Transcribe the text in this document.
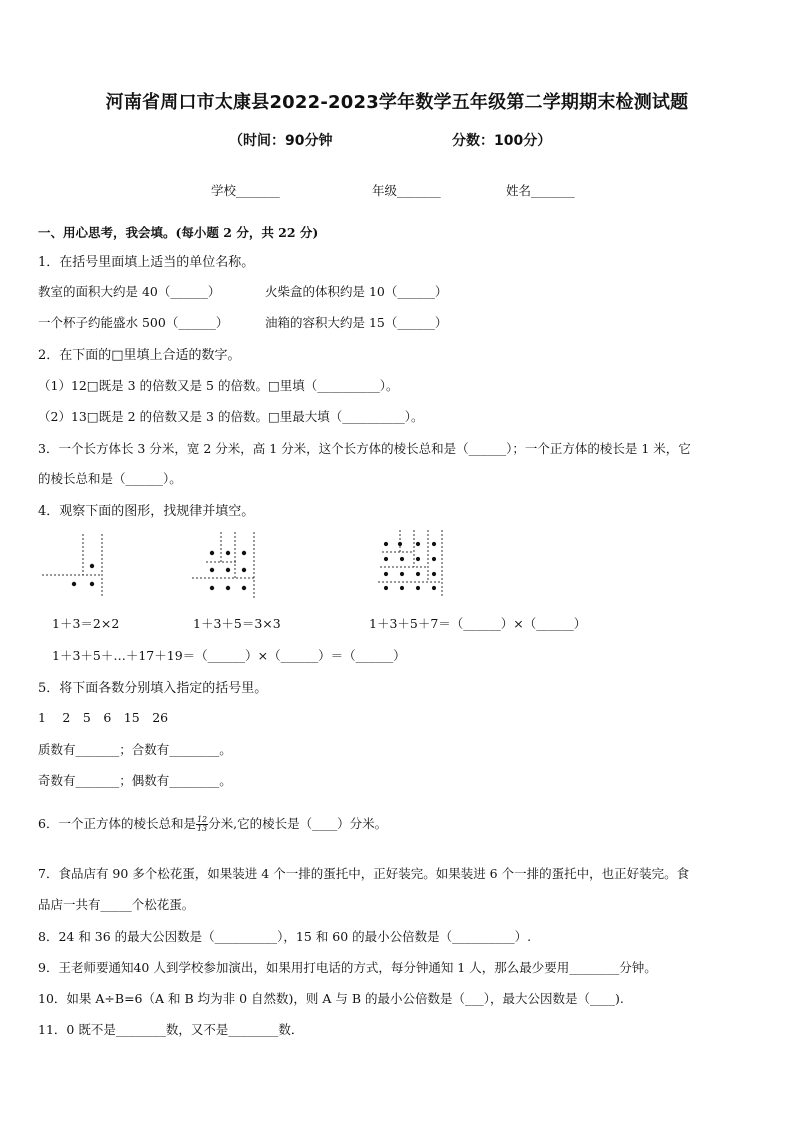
河南省周口市太康县2022-2023学年数学五年级第二学期期末检测试题
（时间：90分钟	分数：100分）
学校_______	年级_______	姓名_______
一、用心思考，我会填。(每小题 2 分，共 22 分)
1．在括号里面填上适当的单位名称。
教室的面积大约是 40（______）	火柴盒的体积约是 10（______）
一个杯子约能盛水 500（______）	油箱的容积大约是 15（______）
2．在下面的□里填上合适的数字。
（1）12□既是 3 的倍数又是 5 的倍数。□里填（__________）。
（2）13□既是 2 的倍数又是 3 的倍数。□里最大填（__________）。
3．一个长方体长 3 分米，宽 2 分米，高 1 分米，这个长方体的棱长总和是（______）；一个正方体的棱长是 1 米，它
的棱长总和是（______）。
4．观察下面的图形，找规律并填空。
1＋3＝2×2	1＋3＋5＝3×3	1＋3＋5＋7＝（______）×（______）
1＋3＋5＋…＋17＋19＝（______）×（______）＝（______）
5．将下面各数分别填入指定的括号里。
1　 2　5　6　15　26
质数有_______；合数有________。
奇数有_______；偶数有________。
6．一个正方体的棱长总和是 $\frac{12}{13}$ 分米,它的棱长是（____）分米。
7．食品店有 90 多个松花蛋，如果装进 4 个一排的蛋托中，正好装完。如果装进 6 个一排的蛋托中，也正好装完。食
品店一共有_____个松花蛋。
8．24 和 36 的最大公因数是（__________），15 和 60 的最小公倍数是（__________）.
9．王老师要通知40 人到学校参加演出，如果用打电话的方式，每分钟通知 1 人，那么最少要用________分钟。
10．如果 A÷B=6（A 和 B 均为非 0 自然数)，则 A 与 B 的最小公倍数是（___），最大公因数是（____).
11．0 既不是________数，又不是________数．
